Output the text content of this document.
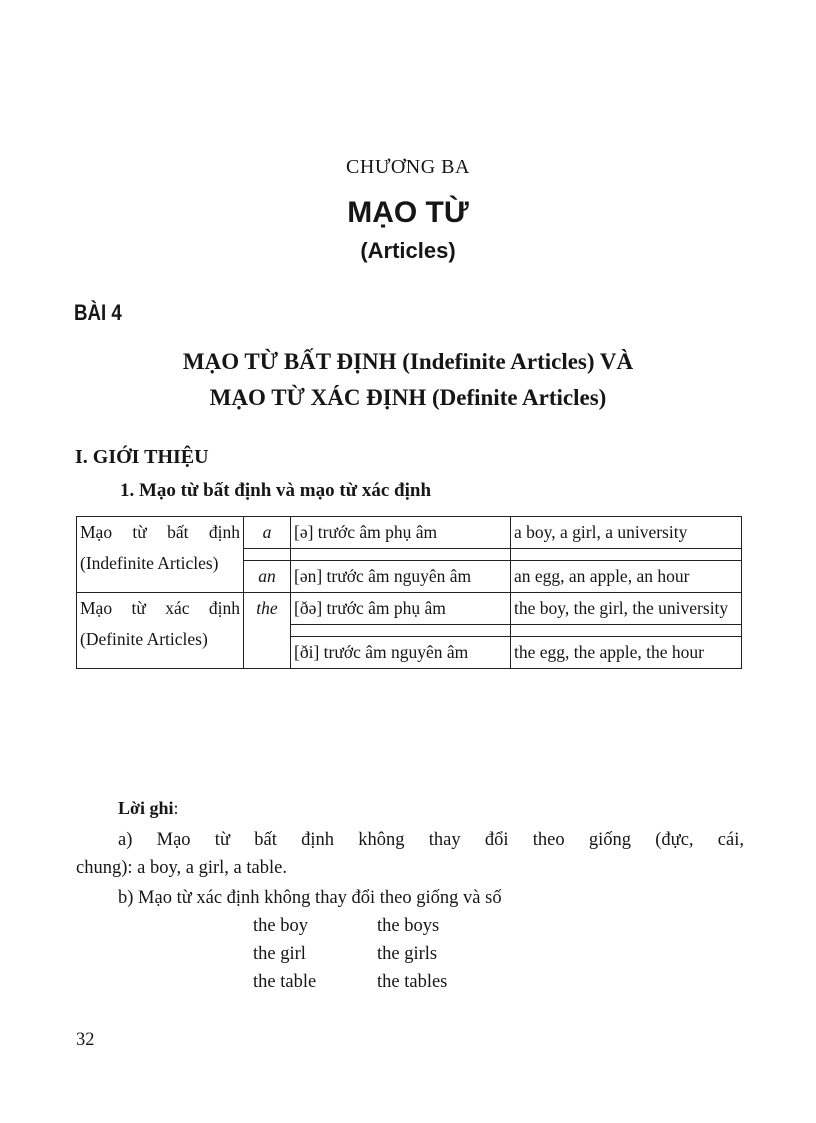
CHƯƠNG BA
MẠO TỪ
(Articles)
BÀI 4
MẠO TỪ BẤT ĐỊNH (Indefinite Articles) VÀ
MẠO TỪ XÁC ĐỊNH (Definite Articles)
I. GIỚI THIỆU
1. Mạo từ bất định và mạo từ xác định
Mạo từ bất định (Indefinite Articles)	a	[ə] trước âm phụ âm	a boy, a girl, a university

	an	[ən] trước âm nguyên âm	an egg, an apple, an hour
Mạo từ xác định (Definite Articles)	the	[ðə] trước âm phụ âm	the boy, the girl, the university

		[ði] trước âm nguyên âm	the egg, the apple, the hour
Lời ghi:
a) Mạo từ bất định không thay đổi theo giống (đực, cái,
chung): a boy, a girl, a table.
b) Mạo từ xác định không thay đổi theo giống và số
the boy	the boys
the girl	the girls
the table	the tables
32
